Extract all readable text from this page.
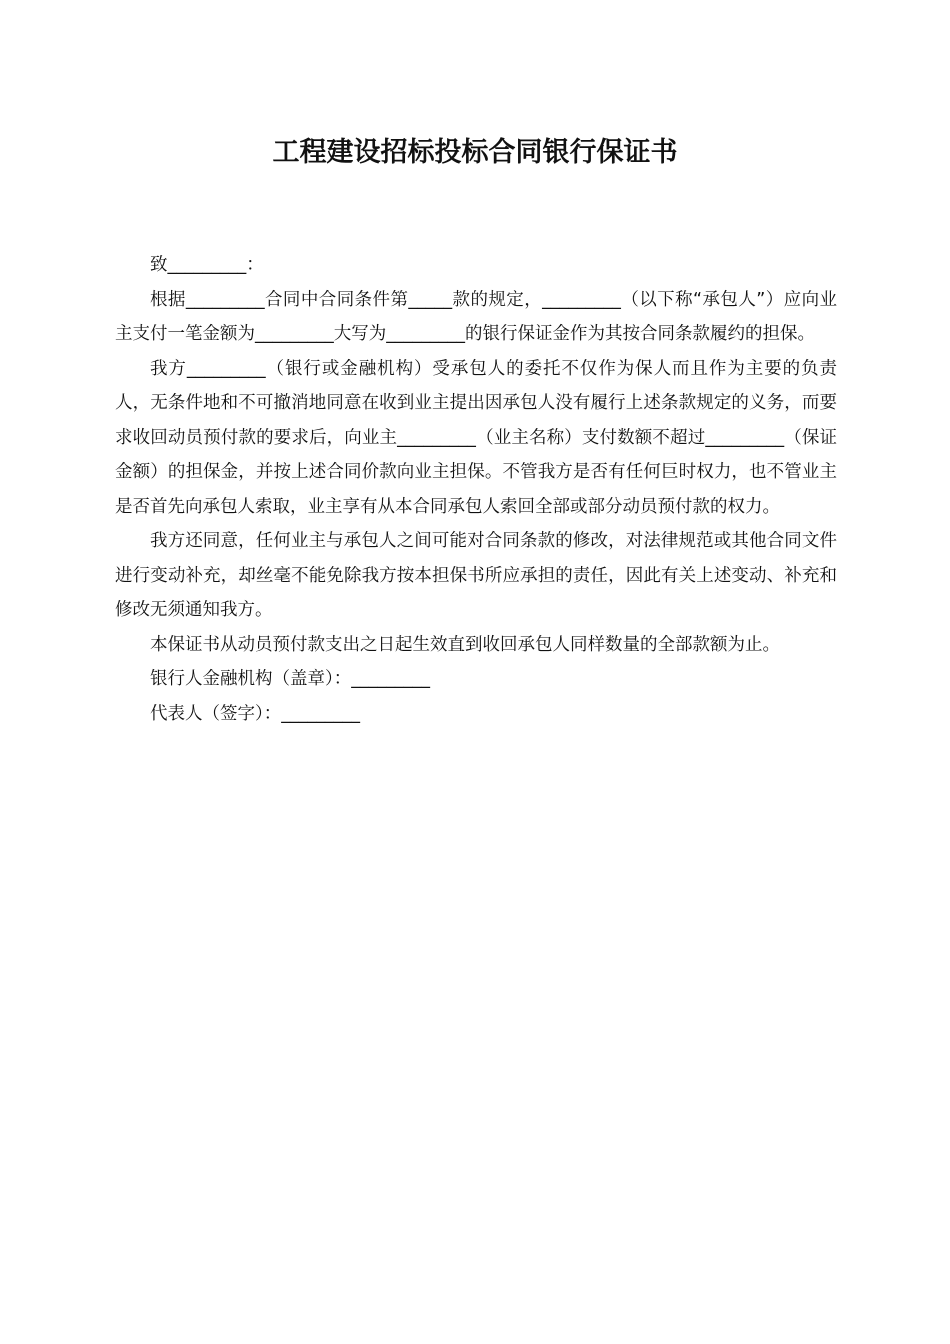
工程建设招标投标合同银行保证书

致_________：

根据_________合同中合同条件第_____款的规定，_________（以下称“承包人”）应向业主支付一笔金额为_________大写为_________的银行保证金作为其按合同条款履约的担保。

我方_________（银行或金融机构）受承包人的委托不仅作为保人而且作为主要的负责人，无条件地和不可撤消地同意在收到业主提出因承包人没有履行上述条款规定的义务，而要求收回动员预付款的要求后，向业主_________（业主名称）支付数额不超过_________（保证金额）的担保金，并按上述合同价款向业主担保。不管我方是否有任何巨时权力，也不管业主是否首先向承包人索取，业主享有从本合同承包人索回全部或部分动员预付款的权力。

我方还同意，任何业主与承包人之间可能对合同条款的修改，对法律规范或其他合同文件进行变动补充，却丝毫不能免除我方按本担保书所应承担的责任，因此有关上述变动、补充和修改无须通知我方。

本保证书从动员预付款支出之日起生效直到收回承包人同样数量的全部款额为止。

银行人金融机构（盖章）：_________

代表人（签字）：_________
